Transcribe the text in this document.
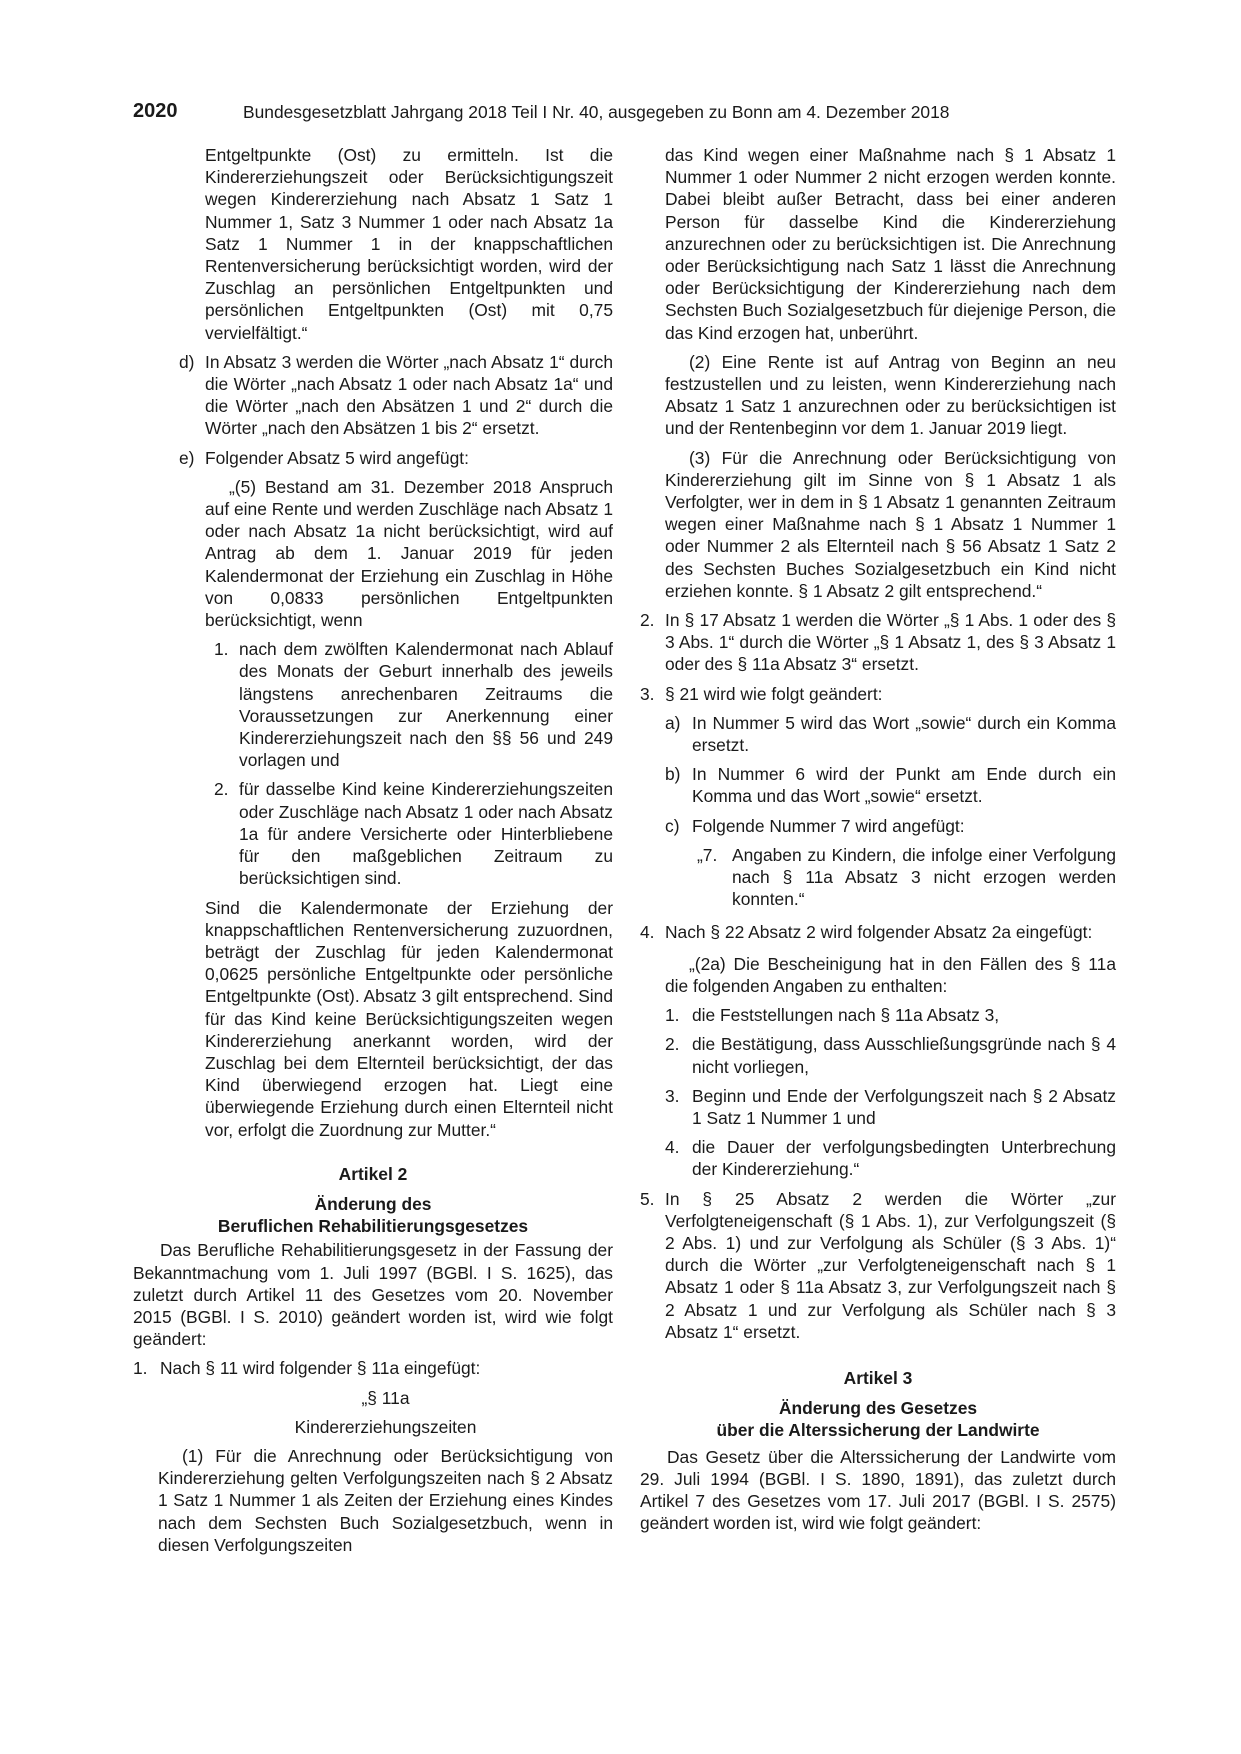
2020	Bundesgesetzblatt Jahrgang 2018 Teil I Nr. 40, ausgegeben zu Bonn am 4. Dezember 2018

Entgeltpunkte (Ost) zu ermitteln. Ist die Kindererziehungszeit oder Berücksichtigungszeit wegen Kindererziehung nach Absatz 1 Satz 1 Nummer 1, Satz 3 Nummer 1 oder nach Absatz 1a Satz 1 Nummer 1 in der knappschaftlichen Rentenversicherung berücksichtigt worden, wird der Zuschlag an persönlichen Entgeltpunkten und persönlichen Entgeltpunkten (Ost) mit 0,75 vervielfältigt.“

d) In Absatz 3 werden die Wörter „nach Absatz 1“ durch die Wörter „nach Absatz 1 oder nach Absatz 1a“ und die Wörter „nach den Absätzen 1 und 2“ durch die Wörter „nach den Absätzen 1 bis 2“ ersetzt.
e) Folgender Absatz 5 wird angefügt:

„(5) Bestand am 31. Dezember 2018 Anspruch auf eine Rente und werden Zuschläge nach Absatz 1 oder nach Absatz 1a nicht berücksichtigt, wird auf Antrag ab dem 1. Januar 2019 für jeden Kalendermonat der Erziehung ein Zuschlag in Höhe von 0,0833 persönlichen Entgeltpunkten berücksichtigt, wenn

1. nach dem zwölften Kalendermonat nach Ablauf des Monats der Geburt innerhalb des jeweils längstens anrechenbaren Zeitraums die Voraussetzungen zur Anerkennung einer Kindererziehungszeit nach den §§ 56 und 249 vorlagen und
2. für dasselbe Kind keine Kindererziehungszeiten oder Zuschläge nach Absatz 1 oder nach Absatz 1a für andere Versicherte oder Hinterbliebene für den maßgeblichen Zeitraum zu berücksichtigen sind.

Sind die Kalendermonate der Erziehung der knappschaftlichen Rentenversicherung zuzuordnen, beträgt der Zuschlag für jeden Kalendermonat 0,0625 persönliche Entgeltpunkte oder persönliche Entgeltpunkte (Ost). Absatz 3 gilt entsprechend. Sind für das Kind keine Berücksichtigungszeiten wegen Kindererziehung anerkannt worden, wird der Zuschlag bei dem Elternteil berücksichtigt, der das Kind überwiegend erzogen hat. Liegt eine überwiegende Erziehung durch einen Elternteil nicht vor, erfolgt die Zuordnung zur Mutter.“

Artikel 2

Änderung des

Beruflichen Rehabilitierungsgesetzes

Das Berufliche Rehabilitierungsgesetz in der Fassung der Bekanntmachung vom 1. Juli 1997 (BGBl. I S. 1625), das zuletzt durch Artikel 11 des Gesetzes vom 20. November 2015 (BGBl. I S. 2010) geändert worden ist, wird wie folgt geändert:

1. Nach § 11 wird folgender § 11a eingefügt:

„§ 11a

Kindererziehungszeiten

(1) Für die Anrechnung oder Berücksichtigung von Kindererziehung gelten Verfolgungszeiten nach § 2 Absatz 1 Satz 1 Nummer 1 als Zeiten der Erziehung eines Kindes nach dem Sechsten Buch Sozialgesetzbuch, wenn in diesen Verfolgungszeiten

das Kind wegen einer Maßnahme nach § 1 Absatz 1 Nummer 1 oder Nummer 2 nicht erzogen werden konnte. Dabei bleibt außer Betracht, dass bei einer anderen Person für dasselbe Kind die Kindererziehung anzurechnen oder zu berücksichtigen ist. Die Anrechnung oder Berücksichtigung nach Satz 1 lässt die Anrechnung oder Berücksichtigung der Kindererziehung nach dem Sechsten Buch Sozialgesetzbuch für diejenige Person, die das Kind erzogen hat, unberührt.

(2) Eine Rente ist auf Antrag von Beginn an neu festzustellen und zu leisten, wenn Kindererziehung nach Absatz 1 Satz 1 anzurechnen oder zu berücksichtigen ist und der Rentenbeginn vor dem 1. Januar 2019 liegt.

(3) Für die Anrechnung oder Berücksichtigung von Kindererziehung gilt im Sinne von § 1 Absatz 1 als Verfolgter, wer in dem in § 1 Absatz 1 genannten Zeitraum wegen einer Maßnahme nach § 1 Absatz 1 Nummer 1 oder Nummer 2 als Elternteil nach § 56 Absatz 1 Satz 2 des Sechsten Buches Sozialgesetzbuch ein Kind nicht erziehen konnte. § 1 Absatz 2 gilt entsprechend.“

2. In § 17 Absatz 1 werden die Wörter „§ 1 Abs. 1 oder des § 3 Abs. 1“ durch die Wörter „§ 1 Absatz 1, des § 3 Absatz 1 oder des § 11a Absatz 3“ ersetzt.
3. § 21 wird wie folgt geändert:
a) In Nummer 5 wird das Wort „sowie“ durch ein Komma ersetzt.
b) In Nummer 6 wird der Punkt am Ende durch ein Komma und das Wort „sowie“ ersetzt.
c) Folgende Nummer 7 wird angefügt:
„7. Angaben zu Kindern, die infolge einer Verfolgung nach § 11a Absatz 3 nicht erzogen werden konnten.“
4. Nach § 22 Absatz 2 wird folgender Absatz 2a eingefügt:

„(2a) Die Bescheinigung hat in den Fällen des § 11a die folgenden Angaben zu enthalten:

1. die Feststellungen nach § 11a Absatz 3,
2. die Bestätigung, dass Ausschließungsgründe nach § 4 nicht vorliegen,
3. Beginn und Ende der Verfolgungszeit nach § 2 Absatz 1 Satz 1 Nummer 1 und
4. die Dauer der verfolgungsbedingten Unterbrechung der Kindererziehung.“
5. In § 25 Absatz 2 werden die Wörter „zur Verfolgteneigenschaft (§ 1 Abs. 1), zur Verfolgungszeit (§ 2 Abs. 1) und zur Verfolgung als Schüler (§ 3 Abs. 1)“ durch die Wörter „zur Verfolgteneigenschaft nach § 1 Absatz 1 oder § 11a Absatz 3, zur Verfolgungszeit nach § 2 Absatz 1 und zur Verfolgung als Schüler nach § 3 Absatz 1“ ersetzt.

Artikel 3

Änderung des Gesetzes

über die Alterssicherung der Landwirte

Das Gesetz über die Alterssicherung der Landwirte vom 29. Juli 1994 (BGBl. I S. 1890, 1891), das zuletzt durch Artikel 7 des Gesetzes vom 17. Juli 2017 (BGBl. I S. 2575) geändert worden ist, wird wie folgt geändert:
